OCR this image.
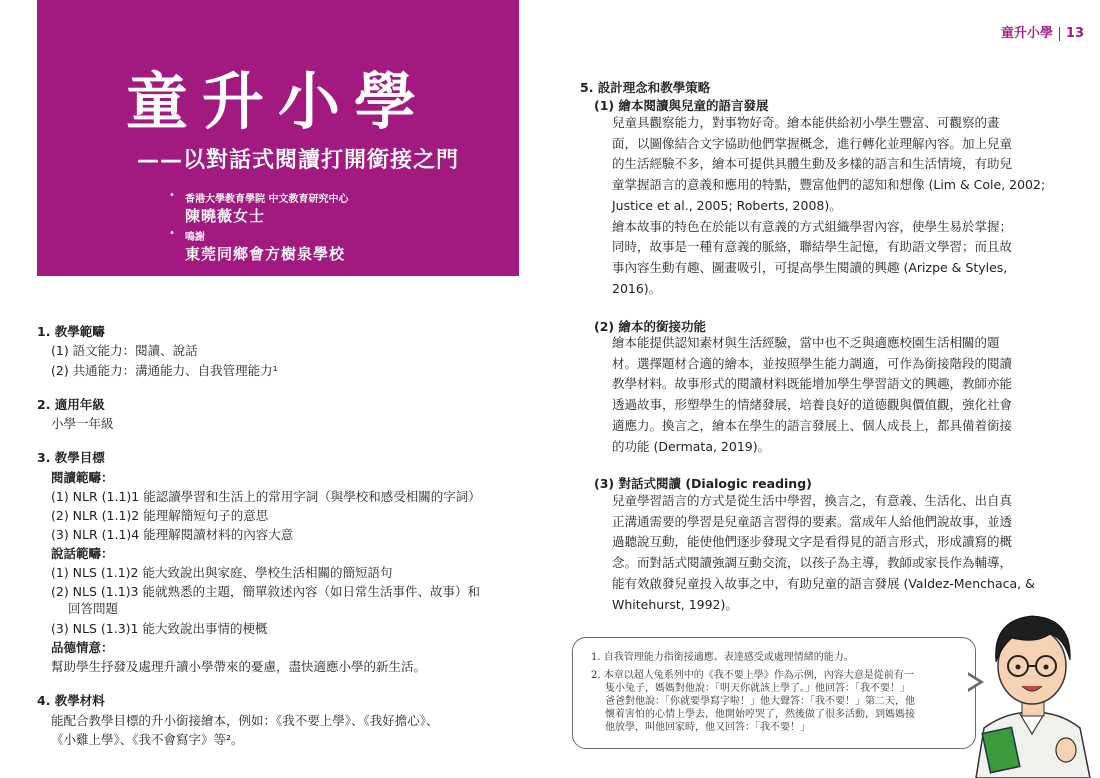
童升小學 13
童升小學
——以對話式閱讀打開銜接之門
• 香港大學教育學院 中文教育研究中心
陳曉薇女士
• 鳴謝
東莞同鄉會方樹泉學校
1. 教學範疇
(1) 語文能力：閱讀、說話
(2) 共通能力：溝通能力、自我管理能力¹
2. 適用年級
小學一年級
3. 教學目標
閱讀範疇：
(1) NLR (1.1)1 能認讀學習和生活上的常用字詞（與學校和感受相關的字詞）
(2) NLR (1.1)2 能理解簡短句子的意思
(3) NLR (1.1)4 能理解閱讀材料的內容大意
說話範疇：
(1) NLS (1.1)2 能大致說出與家庭、學校生活相關的簡短語句
(2) NLS (1.1)3 能就熟悉的主題，簡單敘述內容（如日常生活事件、故事）和
回答問題
(3) NLS (1.3)1 能大致說出事情的梗概
品德情意：
幫助學生抒發及處理升讀小學帶來的憂慮，盡快適應小學的新生活。
4. 教學材料
能配合教學目標的升小銜接繪本，例如：《我不要上學》、《我好擔心》、
《小雞上學》、《我不會寫字》等²。
5. 設計理念和教學策略
(1) 繪本閱讀與兒童的語言發展
兒童具觀察能力，對事物好奇。繪本能供給初小學生豐富、可觀察的畫
面，以圖像結合文字協助他們掌握概念，進行轉化並理解內容。加上兒童
的生活經驗不多，繪本可提供具體生動及多樣的語言和生活情境，有助兒
童掌握語言的意義和應用的特點，豐富他們的認知和想像 (Lim & Cole, 2002;
Justice et al., 2005; Roberts, 2008)。
繪本故事的特色在於能以有意義的方式組織學習內容，使學生易於掌握；
同時，故事是一種有意義的脈絡，聯結學生記憶，有助語文學習；而且故
事內容生動有趣、圖畫吸引，可提高學生閱讀的興趣 (Arizpe & Styles,
2016)。
(2) 繪本的銜接功能
繪本能提供認知素材與生活經驗，當中也不乏與適應校園生活相關的題
材。選擇題材合適的繪本，並按照學生能力調適，可作為銜接階段的閱讀
教學材料。故事形式的閱讀材料既能增加學生學習語文的興趣，教師亦能
透過故事，形塑學生的情緒發展，培養良好的道德觀與價值觀，強化社會
適應力。換言之，繪本在學生的語言發展上、個人成長上，都具備着銜接
的功能 (Dermata, 2019)。
(3) 對話式閱讀 (Dialogic reading)
兒童學習語言的方式是從生活中學習，換言之，有意義、生活化、出自真
正溝通需要的學習是兒童語言習得的要素。當成年人給他們說故事，並透
過聽說互動，能使他們逐步發現文字是看得見的語言形式，形成讀寫的概
念。而對話式閱讀強調互動交流，以孩子為主導，教師或家長作為輔導，
能有效啟發兒童投入故事之中，有助兒童的語言發展 (Valdez-Menchaca, &
Whitehurst, 1992)。
1. 自我管理能力指銜接適應、表達感受或處理情緒的能力。
2. 本章以超人兔系列中的《我不要上學》作為示例，內容大意是從前有一
隻小兔子，媽媽對他說：「明天你就該上學了。」他回答：「我不要！」
爸爸對他說：「你就要學寫字啦！」他大聲答：「我不要！」第二天，他
懷着害怕的心情上學去，他開始哼哭了，然後做了很多活動，到媽媽接
他放學，叫他回家時，他又回答：「我不要！」
